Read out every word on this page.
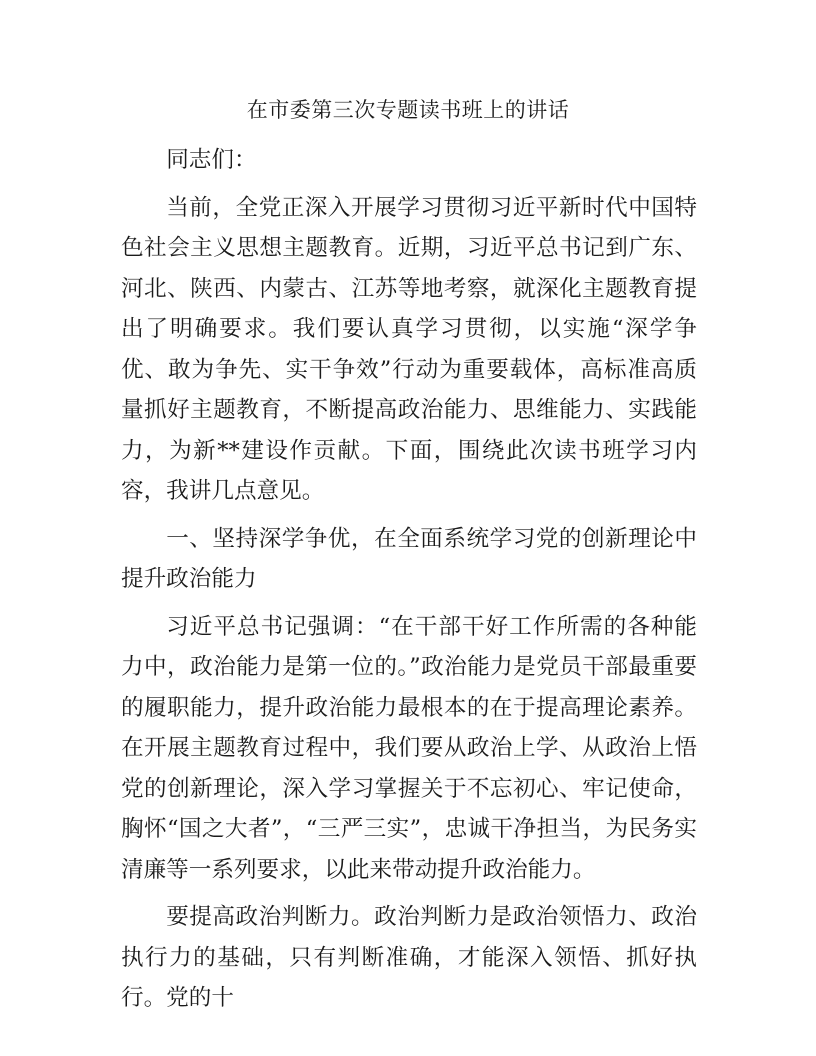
在市委第三次专题读书班上的讲话

同志们：

当前，全党正深入开展学习贯彻习近平新时代中国特色社会主义思想主题教育。近期，习近平总书记到广东、河北、陕西、内蒙古、江苏等地考察，就深化主题教育提出了明确要求。我们要认真学习贯彻，以实施“深学争优、敢为争先、实干争效”行动为重要载体，高标准高质量抓好主题教育，不断提高政治能力、思维能力、实践能力，为新**建设作贡献。下面，围绕此次读书班学习内容，我讲几点意见。

一、坚持深学争优，在全面系统学习党的创新理论中提升政治能力

习近平总书记强调：“在干部干好工作所需的各种能力中，政治能力是第一位的。”政治能力是党员干部最重要的履职能力，提升政治能力最根本的在于提高理论素养。在开展主题教育过程中，我们要从政治上学、从政治上悟党的创新理论，深入学习掌握关于不忘初心、牢记使命，胸怀“国之大者”，“三严三实”，忠诚干净担当，为民务实清廉等一系列要求，以此来带动提升政治能力。

要提高政治判断力。政治判断力是政治领悟力、政治执行力的基础，只有判断准确，才能深入领悟、抓好执行。党的十
